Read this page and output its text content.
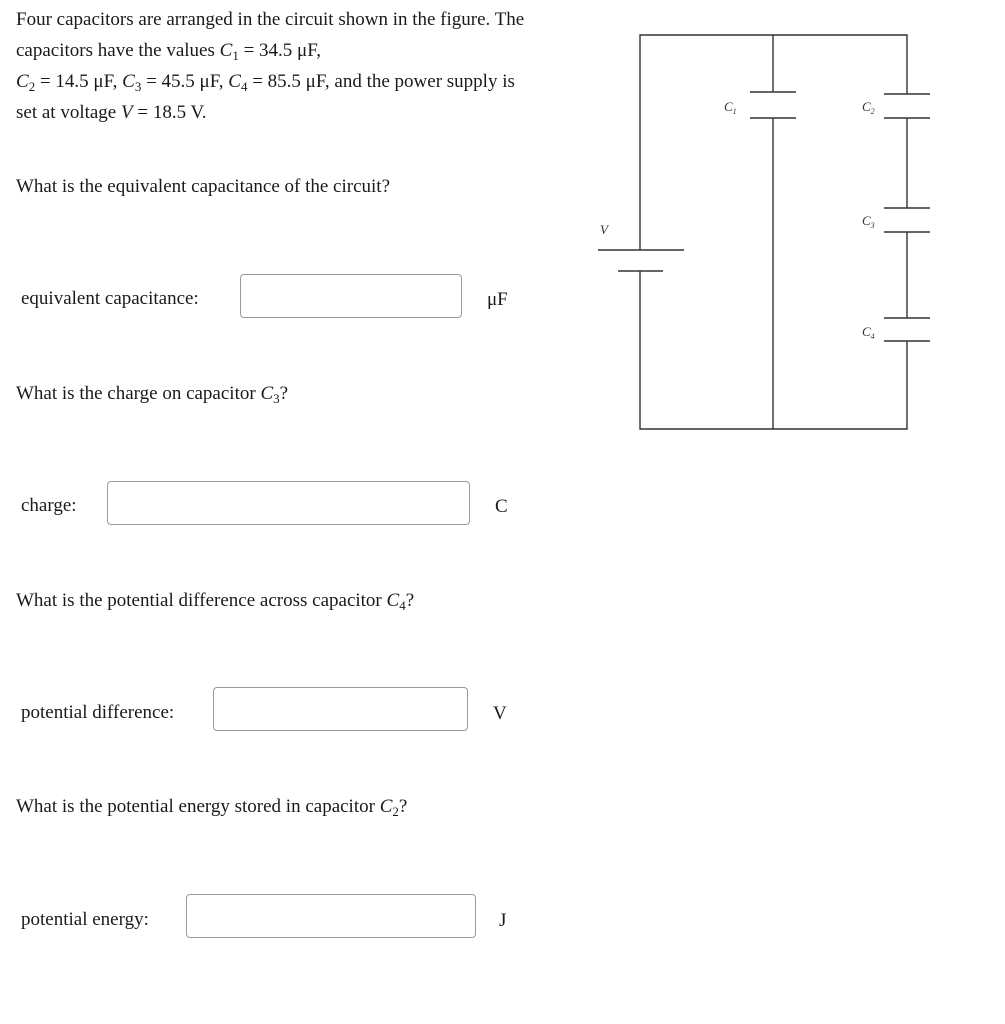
Four capacitors are arranged in the circuit shown in the figure. The capacitors have the values $C_1 = 34.5$ μF,
$C_2 = 14.5$ μF, $C_3 = 45.5$ μF, $C_4 = 85.5$ μF, and the power supply is set at voltage V = 18.5 V.

What is the equivalent capacitance of the circuit?

equivalent capacitance:	μF

What is the charge on capacitor $C_3$?

charge:	C

What is the potential difference across capacitor $C_4$?

potential difference:	V

What is the potential energy stored in capacitor $C_2$?

potential energy:	J
V
$C_1$	$C_2$
$C_3$
$C_4$
